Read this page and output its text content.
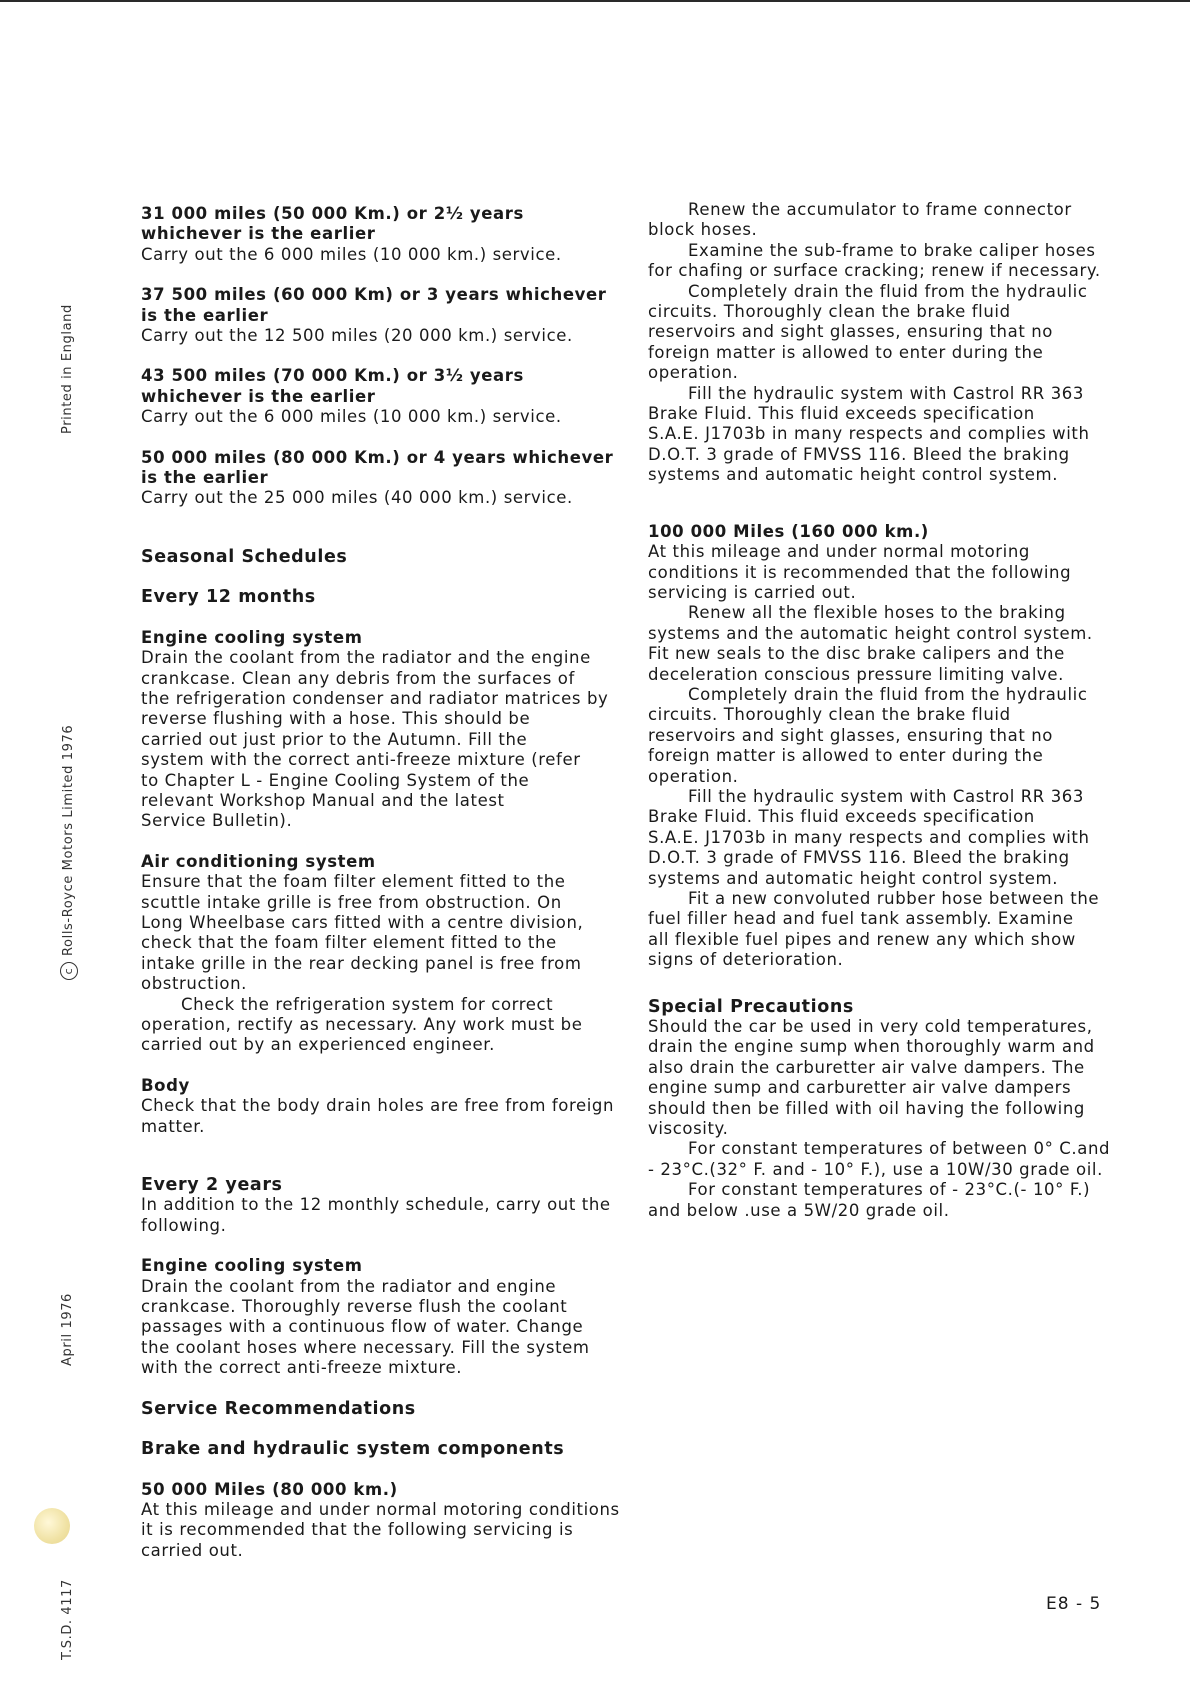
Printed in England
cRolls-Royce Motors Limited 1976
April 1976
T.S.D. 4117
31 000 miles (50 000 Km.) or 2½ years
whichever is the earlier
Carry out the 6 000 miles (10 000 km.) service.
37 500 miles (60 000 Km) or 3 years whichever
is the earlier
Carry out the 12 500 miles (20 000 km.) service.
43 500 miles (70 000 Km.) or 3½ years
whichever is the earlier
Carry out the 6 000 miles (10 000 km.) service.
50 000 miles (80 000 Km.) or 4 years whichever
is the earlier
Carry out the 25 000 miles (40 000 km.) service.
Seasonal Schedules
Every 12 months
Engine cooling system
Drain the coolant from the radiator and the engine
crankcase. Clean any debris from the surfaces of
the refrigeration condenser and radiator matrices by
reverse flushing with a hose. This should be
carried out just prior to the Autumn. Fill the
system with the correct anti-freeze mixture (refer
to Chapter L - Engine Cooling System of the
relevant Workshop Manual and the latest
Service Bulletin).
Air conditioning system
Ensure that the foam filter element fitted to the
scuttle intake grille is free from obstruction. On
Long Wheelbase cars fitted with a centre division,
check that the foam filter element fitted to the
intake grille in the rear decking panel is free from
obstruction.
Check the refrigeration system for correct
operation, rectify as necessary. Any work must be
carried out by an experienced engineer.
Body
Check that the body drain holes are free from foreign
matter.
Every 2 years
In addition to the 12 monthly schedule, carry out the
following.
Engine cooling system
Drain the coolant from the radiator and engine
crankcase. Thoroughly reverse flush the coolant
passages with a continuous flow of water. Change
the coolant hoses where necessary. Fill the system
with the correct anti-freeze mixture.
Service Recommendations
Brake and hydraulic system components
50 000 Miles (80 000 km.)
At this mileage and under normal motoring conditions
it is recommended that the following servicing is
carried out.
Renew the accumulator to frame connector
block hoses.
Examine the sub-frame to brake caliper hoses
for chafing or surface cracking; renew if necessary.
Completely drain the fluid from the hydraulic
circuits. Thoroughly clean the brake fluid
reservoirs and sight glasses, ensuring that no
foreign matter is allowed to enter during the
operation.
Fill the hydraulic system with Castrol RR 363
Brake Fluid. This fluid exceeds specification
S.A.E. J1703b in many respects and complies with
D.O.T. 3 grade of FMVSS 116. Bleed the braking
systems and automatic height control system.
100 000 Miles (160 000 km.)
At this mileage and under normal motoring
conditions it is recommended that the following
servicing is carried out.
Renew all the flexible hoses to the braking
systems and the automatic height control system.
Fit new seals to the disc brake calipers and the
deceleration conscious pressure limiting valve.
Completely drain the fluid from the hydraulic
circuits. Thoroughly clean the brake fluid
reservoirs and sight glasses, ensuring that no
foreign matter is allowed to enter during the
operation.
Fill the hydraulic system with Castrol RR 363
Brake Fluid. This fluid exceeds specification
S.A.E. J1703b in many respects and complies with
D.O.T. 3 grade of FMVSS 116. Bleed the braking
systems and automatic height control system.
Fit a new convoluted rubber hose between the
fuel filler head and fuel tank assembly. Examine
all flexible fuel pipes and renew any which show
signs of deterioration.
Special Precautions
Should the car be used in very cold temperatures,
drain the engine sump when thoroughly warm and
also drain the carburetter air valve dampers. The
engine sump and carburetter air valve dampers
should then be filled with oil having the following
viscosity.
For constant temperatures of between 0° C.and
- 23°C.(32° F. and - 10° F.), use a 10W/30 grade oil.
For constant temperatures of - 23°C.(- 10° F.)
and below .use a 5W/20 grade oil.
E8 - 5
